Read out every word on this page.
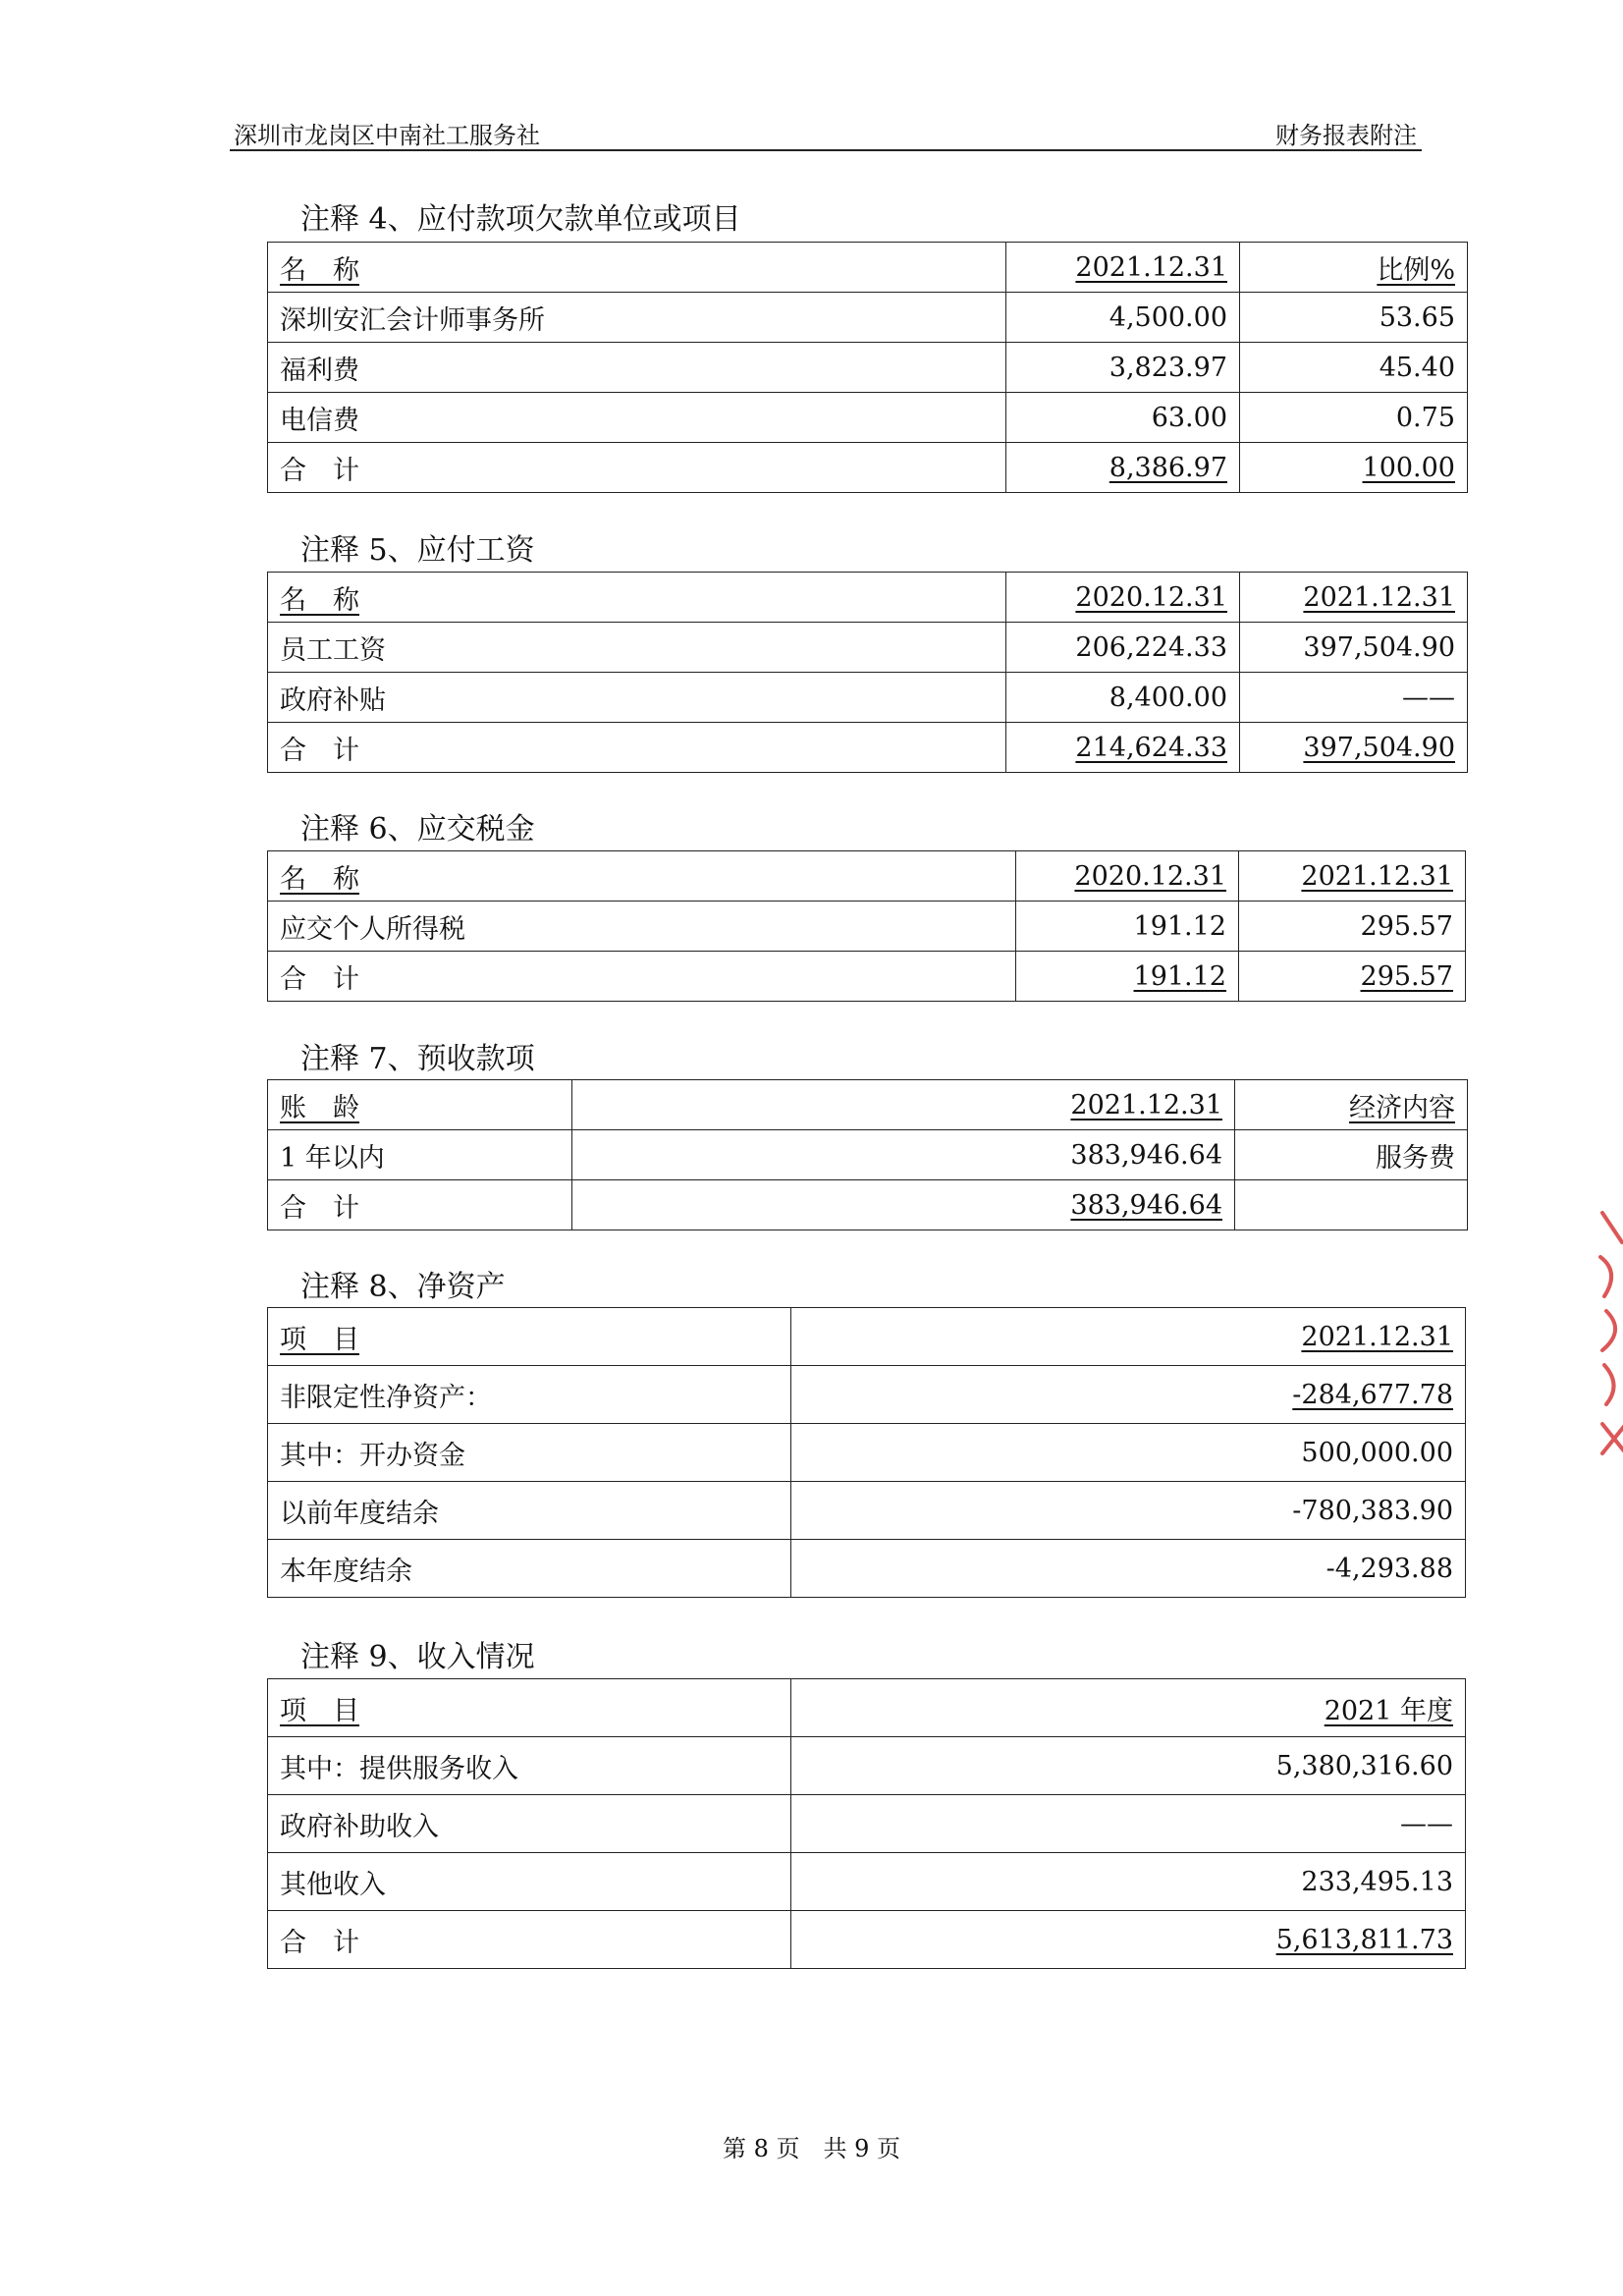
深圳市龙岗区中南社工服务社	财务报表附注
注释 4、应付款项欠款单位或项目
名　称	2021.12.31	比例%
深圳安汇会计师事务所	4,500.00	53.65
福利费	3,823.97	45.40
电信费	63.00	0.75
合　计	8,386.97	100.00
注释 5、应付工资
名　称	2020.12.31	2021.12.31
员工工资	206,224.33	397,504.90
政府补贴	8,400.00	——
合　计	214,624.33	397,504.90
注释 6、应交税金
名　称	2020.12.31	2021.12.31
应交个人所得税	191.12	295.57
合　计	191.12	295.57
注释 7、预收款项
账　龄	2021.12.31	经济内容
1 年以内	383,946.64	服务费
合　计	383,946.64	
注释 8、净资产
项　目	2021.12.31
非限定性净资产：	-284,677.78
其中：开办资金	500,000.00
以前年度结余	-780,383.90
本年度结余	-4,293.88
注释 9、收入情况
项　目	2021 年度
其中：提供服务收入	5,380,316.60
政府补助收入	——
其他收入	233,495.13
合　计	5,613,811.73
第 8 页　共 9 页
